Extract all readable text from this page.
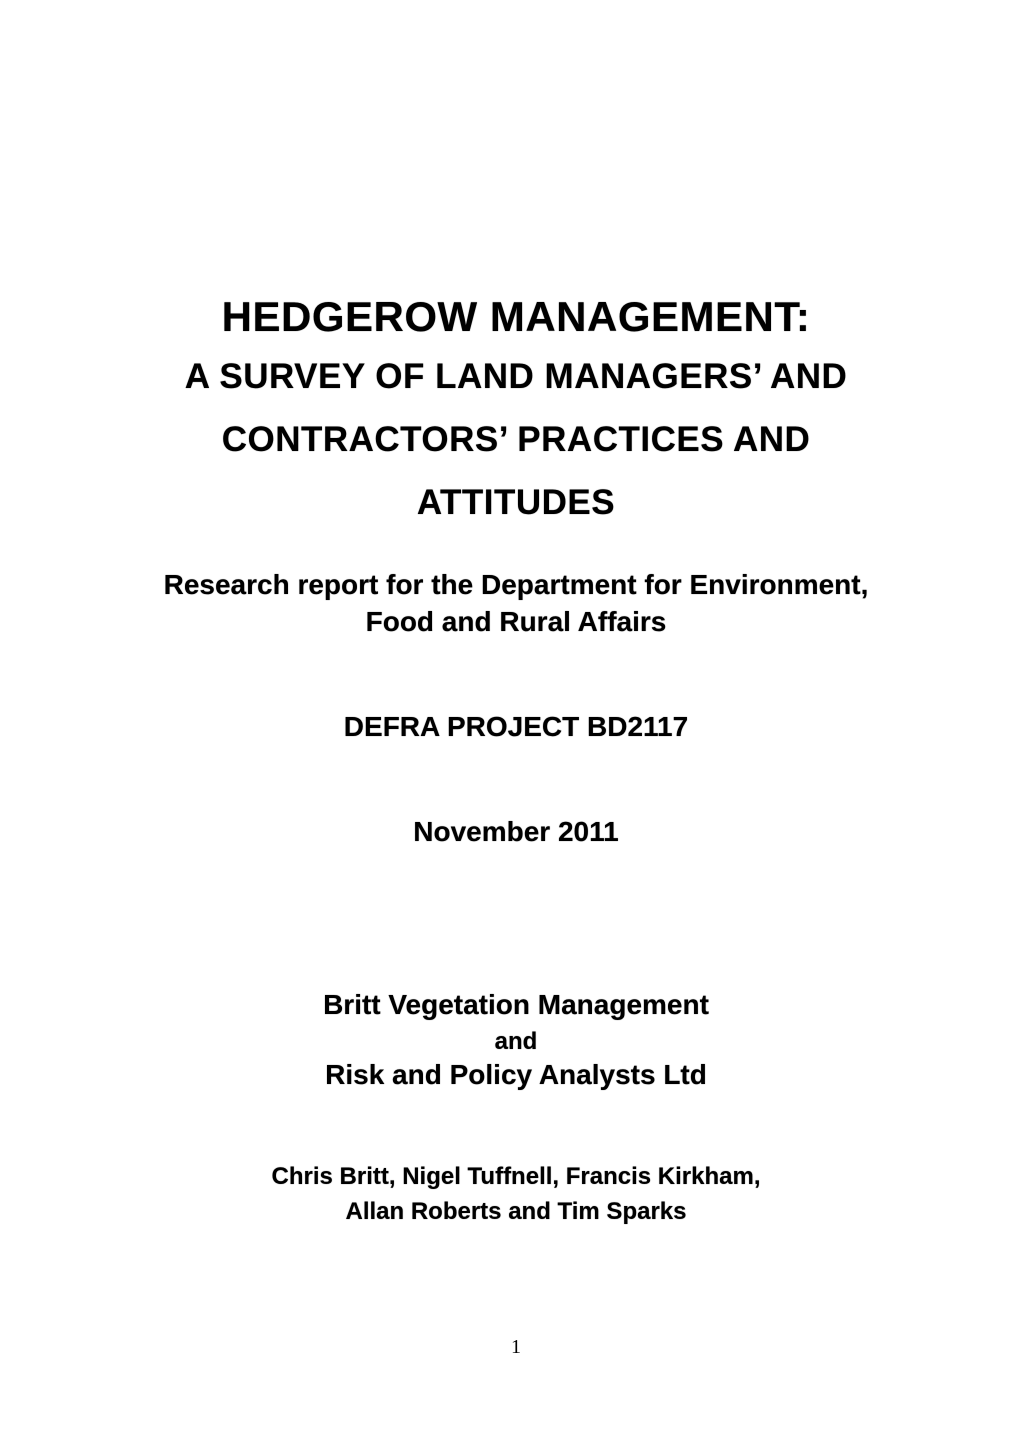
HEDGEROW MANAGEMENT:
A SURVEY OF LAND MANAGERS’ AND
CONTRACTORS’ PRACTICES AND
ATTITUDES
Research report for the Department for Environment,
Food and Rural Affairs
DEFRA PROJECT BD2117
November 2011
Britt Vegetation Management
and
Risk and Policy Analysts Ltd
Chris Britt, Nigel Tuffnell, Francis Kirkham,
Allan Roberts and Tim Sparks
1
